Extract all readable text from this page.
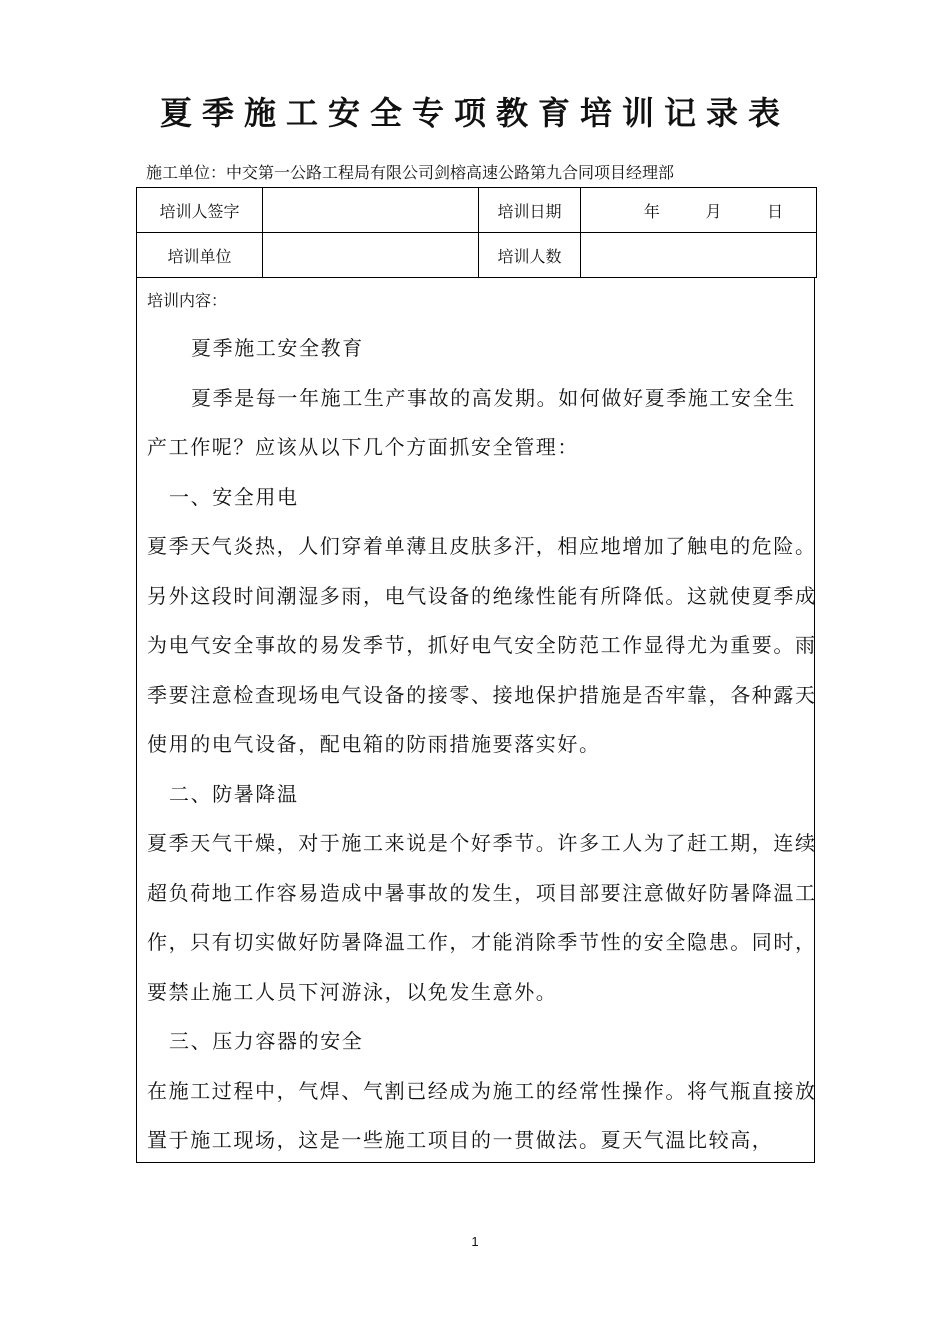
夏季施工安全专项教育培训记录表
施工单位：中交第一公路工程局有限公司剑榕高速公路第九合同项目经理部
培训人签字		培训日期	年 月 日

培训单位		培训人数	
培训内容：

夏季施工安全教育

夏季是每一年施工生产事故的高发期。如何做好夏季施工安全生产工作呢？应该从以下几个方面抓安全管理：

一、安全用电

夏季天气炎热，人们穿着单薄且皮肤多汗，相应地增加了触电的危险。另外这段时间潮湿多雨，电气设备的绝缘性能有所降低。这就使夏季成为电气安全事故的易发季节，抓好电气安全防范工作显得尤为重要。雨季要注意检查现场电气设备的接零、接地保护措施是否牢靠，各种露天使用的电气设备，配电箱的防雨措施要落实好。

二、防暑降温

夏季天气干燥，对于施工来说是个好季节。许多工人为了赶工期，连续超负荷地工作容易造成中暑事故的发生，项目部要注意做好防暑降温工作，只有切实做好防暑降温工作，才能消除季节性的安全隐患。同时，要禁止施工人员下河游泳，以免发生意外。

三、压力容器的安全

在施工过程中，气焊、气割已经成为施工的经常性操作。将气瓶直接放置于施工现场，这是一些施工项目的一贯做法。夏天气温比较高，

1
